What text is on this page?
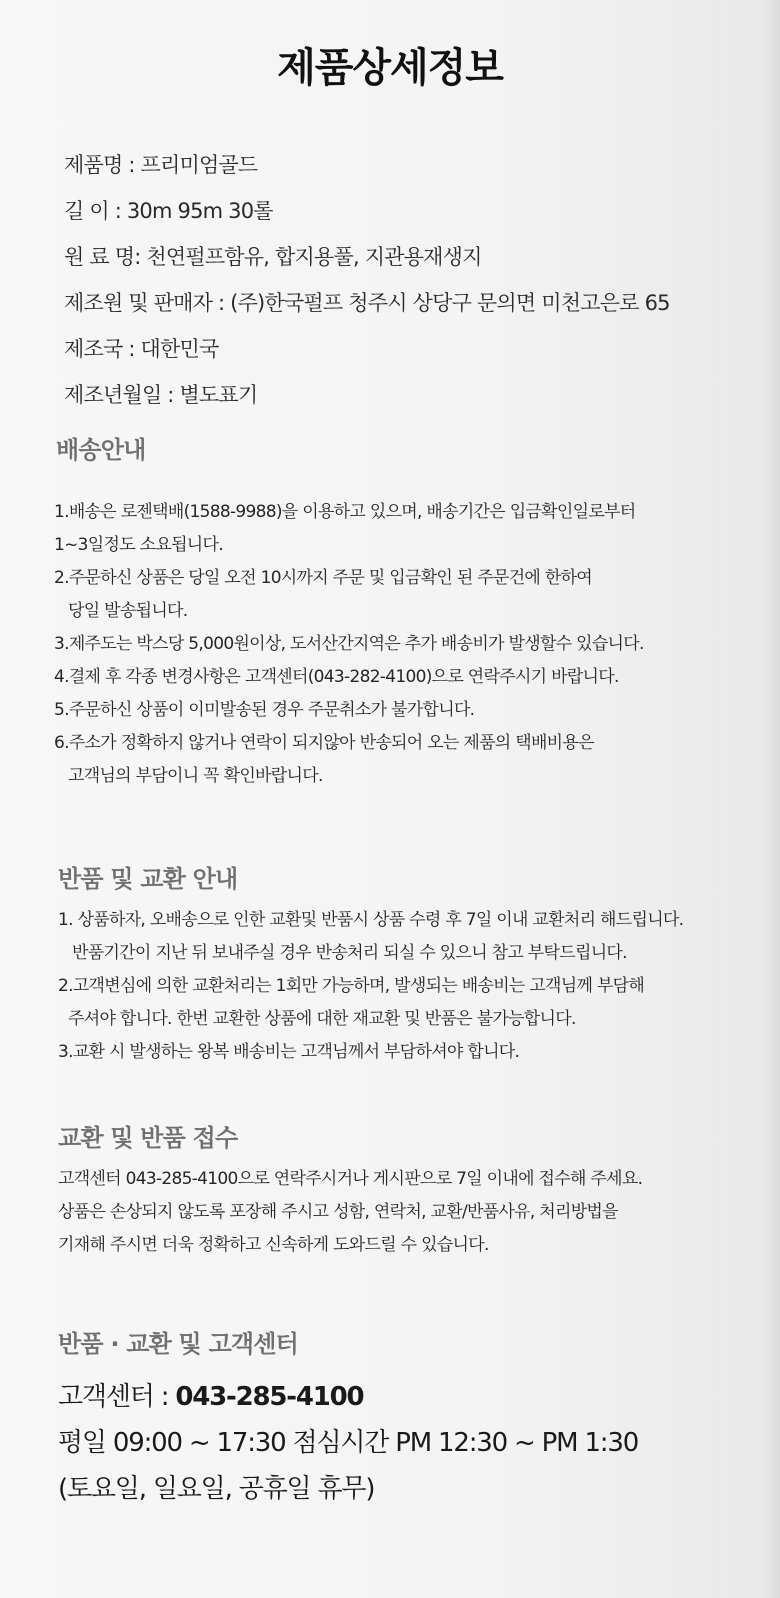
제품상세정보
제품명 : 프리미엄골드
길 이 : 30m 95m 30롤
원 료 명: 천연펄프함유, 합지용풀, 지관용재생지
제조원 및 판매자 : (주)한국펄프 청주시 상당구 문의면 미천고은로 65
제조국 : 대한민국
제조년월일 : 별도표기
배송안내
1.배송은 로젠택배(1588-9988)을 이용하고 있으며, 배송기간은 입금확인일로부터
1~3일정도 소요됩니다.
2.주문하신 상품은 당일 오전 10시까지 주문 및 입금확인 된 주문건에 한하여
당일 발송됩니다.
3.제주도는 박스당 5,000원이상, 도서산간지역은 추가 배송비가 발생할수 있습니다.
4.결제 후 각종 변경사항은 고객센터(043-282-4100)으로 연락주시기 바랍니다.
5.주문하신 상품이 이미발송된 경우 주문취소가 불가합니다.
6.주소가 정확하지 않거나 연락이 되지않아 반송되어 오는 제품의 택배비용은
고객님의 부담이니 꼭 확인바랍니다.
반품 및 교환 안내
1. 상품하자, 오배송으로 인한 교환및 반품시 상품 수령 후 7일 이내 교환처리 해드립니다.
반품기간이 지난 뒤 보내주실 경우 반송처리 되실 수 있으니 참고 부탁드립니다.
2.고객변심에 의한 교환처리는 1회만 가능하며, 발생되는 배송비는 고객님께 부담해
주셔야 합니다. 한번 교환한 상품에 대한 재교환 및 반품은 불가능합니다.
3.교환 시 발생하는 왕복 배송비는 고객님께서 부담하셔야 합니다.
교환 및 반품 접수
고객센터 043-285-4100으로 연락주시거나 게시판으로 7일 이내에 접수해 주세요.
상품은 손상되지 않도록 포장해 주시고 성함, 연락처, 교환/반품사유, 처리방법을
기재해 주시면 더욱 정확하고 신속하게 도와드릴 수 있습니다.
반품 · 교환 및 고객센터
고객센터 : 043-285-4100
평일 09:00 ~ 17:30 점심시간 PM 12:30 ~ PM 1:30
(토요일, 일요일, 공휴일 휴무)
